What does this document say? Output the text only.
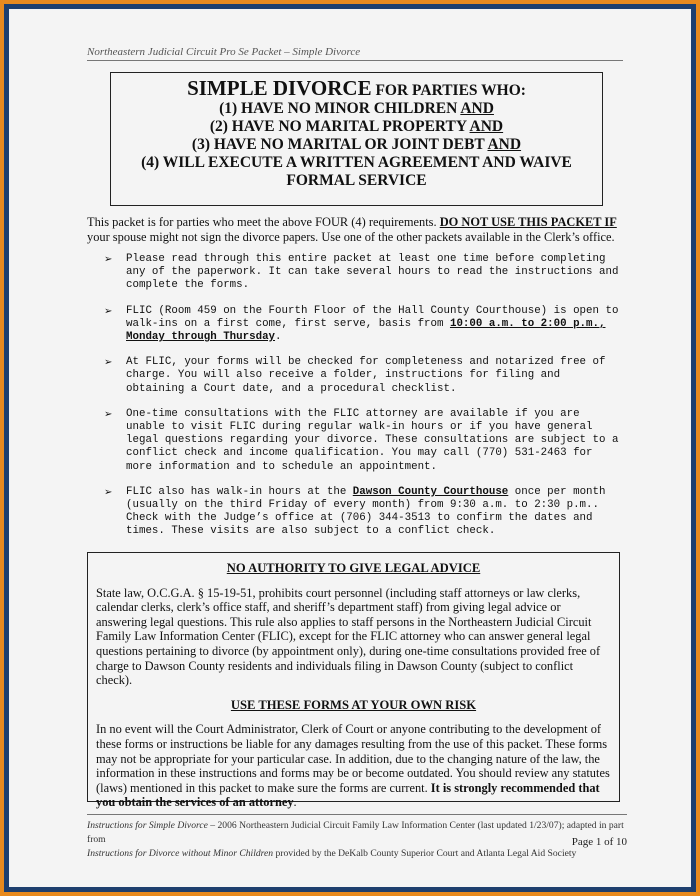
Northeastern Judicial Circuit Pro Se Packet – Simple Divorce
SIMPLE DIVORCE FOR PARTIES WHO:
(1) HAVE NO MINOR CHILDREN AND
(2) HAVE NO MARITAL PROPERTY AND
(3) HAVE NO MARITAL OR JOINT DEBT AND
(4) WILL EXECUTE A WRITTEN AGREEMENT AND WAIVE
FORMAL SERVICE
This packet is for parties who meet the above FOUR (4) requirements. DO NOT USE THIS PACKET IF your spouse might not sign the divorce papers. Use one of the other packets available in the Clerk’s office.
➢	Please read through this entire packet at least one time before completing any of the paperwork. It can take several hours to read the instructions and complete the forms.
➢	FLIC (Room 459 on the Fourth Floor of the Hall County Courthouse) is open to walk-ins on a first come, first serve, basis from 10:00 a.m. to 2:00 p.m., Monday through Thursday.
➢	At FLIC, your forms will be checked for completeness and notarized free of charge. You will also receive a folder, instructions for filing and obtaining a Court date, and a procedural checklist.
➢	One-time consultations with the FLIC attorney are available if you are unable to visit FLIC during regular walk-in hours or if you have general legal questions regarding your divorce. These consultations are subject to a conflict check and income qualification. You may call (770) 531-2463 for more information and to schedule an appointment.
➢	FLIC also has walk-in hours at the Dawson County Courthouse once per month (usually on the third Friday of every month) from 9:30 a.m. to 2:30 p.m.. Check with the Judge’s office at (706) 344-3513 to confirm the dates and times. These visits are also subject to a conflict check.
NO AUTHORITY TO GIVE LEGAL ADVICE

State law, O.C.G.A. § 15-19-51, prohibits court personnel (including staff attorneys or law clerks, calendar clerks, clerk’s office staff, and sheriff’s department staff) from giving legal advice or answering legal questions. This rule also applies to staff persons in the Northeastern Judicial Circuit Family Law Information Center (FLIC), except for the FLIC attorney who can answer general legal questions pertaining to divorce (by appointment only), during one-time consultations provided free of charge to Dawson County residents and individuals filing in Dawson County (subject to conflict check).

USE THESE FORMS AT YOUR OWN RISK

In no event will the Court Administrator, Clerk of Court or anyone contributing to the development of these forms or instructions be liable for any damages resulting from the use of this packet. These forms may not be appropriate for your particular case. In addition, due to the changing nature of the law, the information in these instructions and forms may be or become outdated. You should review any statutes (laws) mentioned in this packet to make sure the forms are current. It is strongly recommended that you obtain the services of an attorney.

Instructions for Simple Divorce – 2006 Northeastern Judicial Circuit Family Law Information Center (last updated 1/23/07); adapted in part from
Instructions for Divorce without Minor Children provided by the DeKalb County Superior Court and Atlanta Legal Aid Society
Page 1 of 10
